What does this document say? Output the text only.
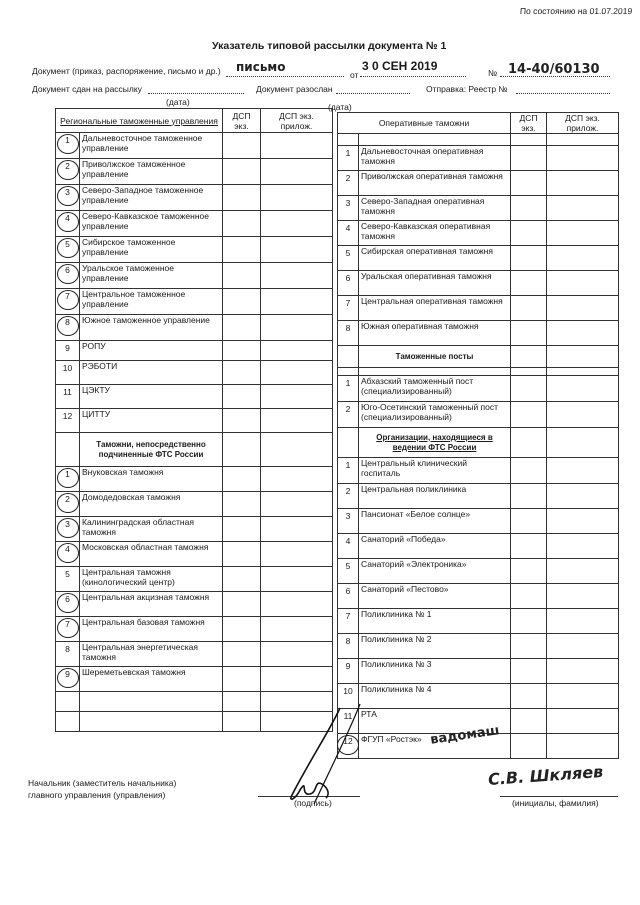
По состоянию на 01.07.2019
Указатель типовой рассылки документа № 1
Документ (приказ, распоряжение, письмо и др.) письмо
от
3 0 СЕН 2019	№ 14-40/60130
Документ сдан на рассылку	Документ разослан	Отправка: Реестр №
(дата)	(дата)
Региональные таможенные управления		ДСП экз.	ДСП экз. прилож.
1	Дальневосточное таможенное управление		
2	Приволжское таможенное управление		
3	Северо-Западное таможенное управление		
4	Северо-Кавказское таможенное управление		
5	Сибирское таможенное управление		
6	Уральское таможенное управление		
7	Центральное таможенное управление		
8	Южное таможенное управление		
9	РОПУ		
10	РЭБОТИ		
11	ЦЭКТУ		
12	ЦИТТУ		
	Таможни, непосредственно подчиненные ФТС России		
1	Внуковская таможня		
2	Домодедовская таможня		
3	Калининградская областная таможня		
4	Московская областная таможня		
5	Центральная таможня (кинологический центр)		
6	Центральная акцизная таможня		
7	Центральная базовая таможня		
8	Центральная энергетическая таможня		
9	Шереметьевская таможня		

Оперативные таможни		ДСП экз.	ДСП экз. прилож.

1	Дальневосточная оперативная таможня		
2	Приволжская оперативная таможня		
3	Северо-Западная оперативная таможня		
4	Северо-Кавказская оперативная таможня		
5	Сибирская оперативная таможня		
6	Уральская оперативная таможня		
7	Центральная оперативная таможня		
8	Южная оперативная таможня		
	Таможенные посты		

1	Абхазский таможенный пост (специализированный)		
2	Юго-Осетинский таможенный пост (специализированный)		
	Организации, находящиеся в ведении ФТС России		
1	Центральный клинический госпиталь		
2	Центральная поликлиника		
3	Пансионат «Белое солнце»		
4	Санаторий «Победа»		
5	Санаторий «Электроника»		
6	Санаторий «Пестово»		
7	Поликлиника № 1		
8	Поликлиника № 2		
9	Поликлиника № 3		
10	Поликлиника № 4		
11	РТА		
12	ФГУП «Ростэк»		вадомаш
Начальник (заместитель начальника)
главного управления (управления)
(подпись)	(инициалы, фамилия)
С.В. Шкляев
